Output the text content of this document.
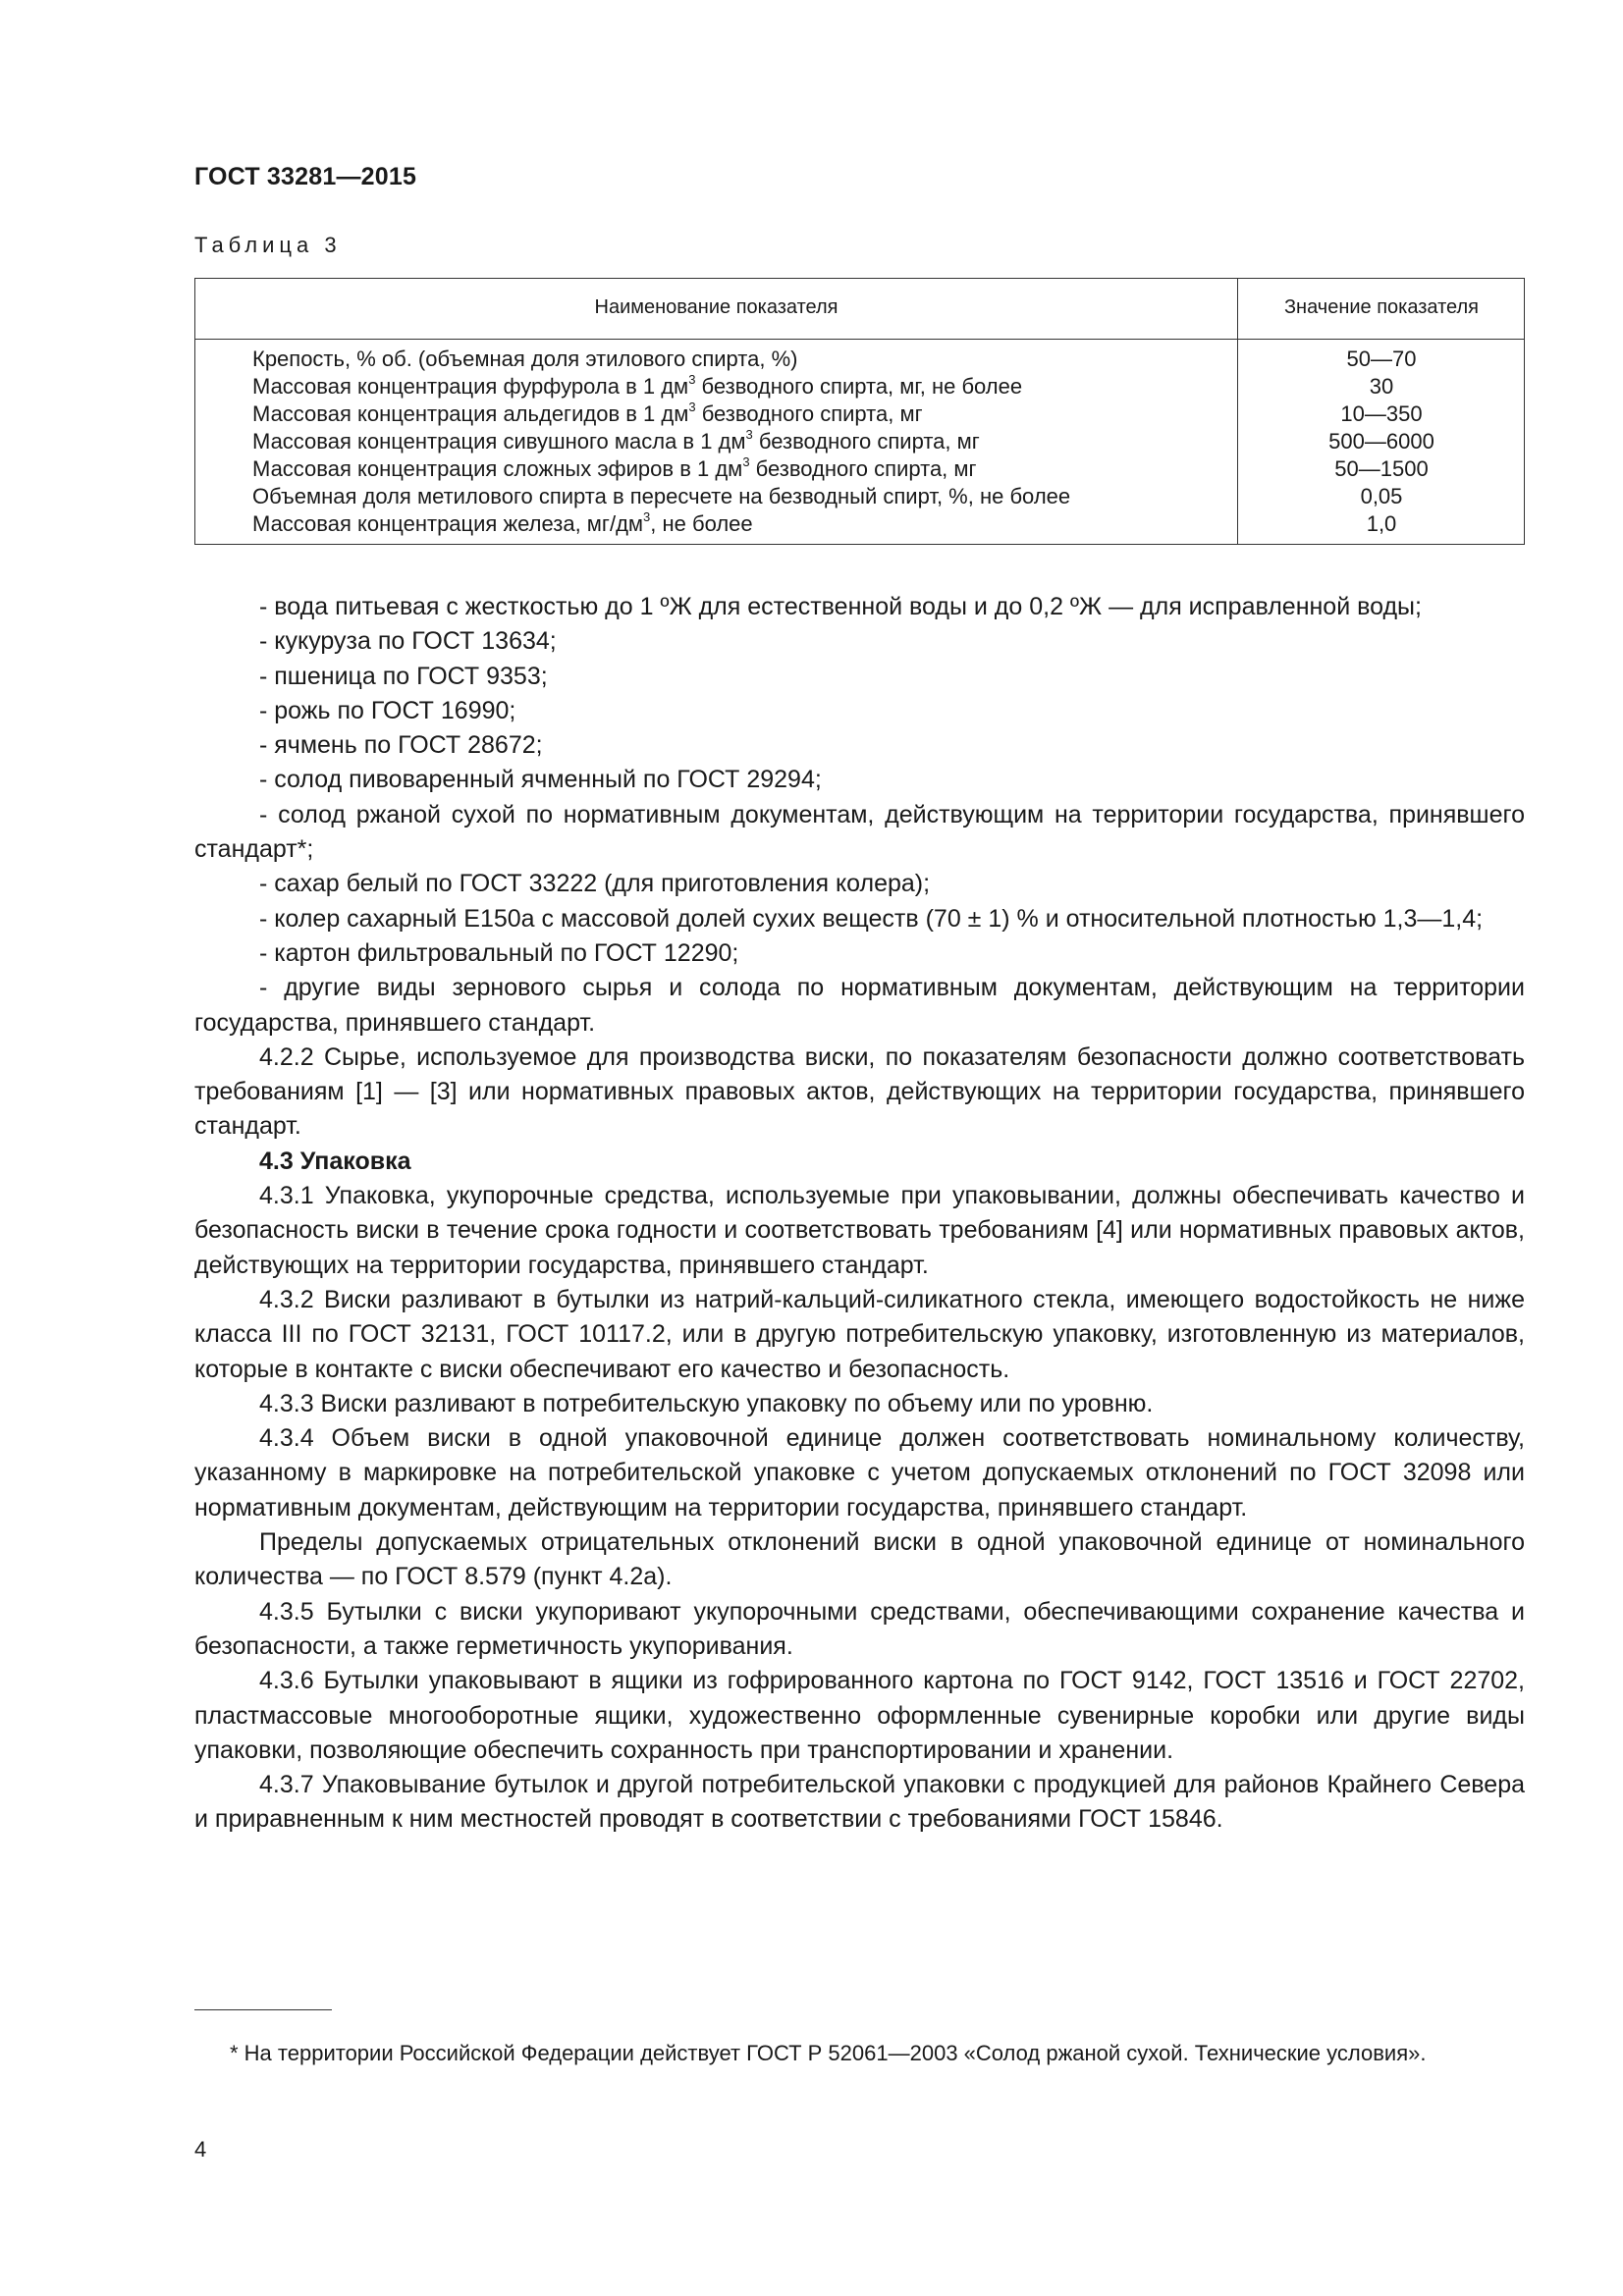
ГОСТ 33281—2015
Таблица 3
Наименование показателя	Значение показателя
Крепость, % об. (объемная доля этилового спирта, %)	50—70
Массовая концентрация фурфурола в 1 $дм^3$ безводного спирта, мг, не более	30
Массовая концентрация альдегидов в 1 $дм^3$ безводного спирта, мг	10—350
Массовая концентрация сивушного масла в 1 $дм^3$ безводного спирта, мг	500—6000
Массовая концентрация сложных эфиров в 1 $дм^3$ безводного спирта, мг	50—1500
Объемная доля метилового спирта в пересчете на безводный спирт, %, не более	0,05
Массовая концентрация железа, $мг/дм^3$, не более	1,0

- вода питьевая с жесткостью до 1 ºЖ для естественной воды и до 0,2 ºЖ — для исправленной воды;

- кукуруза по ГОСТ 13634;

- пшеница по ГОСТ 9353;

- рожь по ГОСТ 16990;

- ячмень по ГОСТ 28672;

- солод пивоваренный ячменный по ГОСТ 29294;

- солод ржаной сухой по нормативным документам, действующим на территории государства, принявшего стандарт*;

- сахар белый по ГОСТ 33222 (для приготовления колера);

- колер сахарный Е150а с массовой долей сухих веществ (70 ± 1) % и относительной плотностью 1,3—1,4;

- картон фильтровальный по ГОСТ 12290;

- другие виды зернового сырья и солода по нормативным документам, действующим на территории государства, принявшего стандарт.

4.2.2 Сырье, используемое для производства виски, по показателям безопасности должно соответствовать требованиям [1] — [3] или нормативных правовых актов, действующих на территории государства, принявшего стандарт.

4.3 Упаковка

4.3.1 Упаковка, укупорочные средства, используемые при упаковывании, должны обеспечивать качество и безопасность виски в течение срока годности и соответствовать требованиям [4] или нормативных правовых актов, действующих на территории государства, принявшего стандарт.

4.3.2 Виски разливают в бутылки из натрий-кальций-силикатного стекла, имеющего водостойкость не ниже класса III по ГОСТ 32131, ГОСТ 10117.2, или в другую потребительскую упаковку, изготовленную из материалов, которые в контакте с виски обеспечивают его качество и безопасность.

4.3.3 Виски разливают в потребительскую упаковку по объему или по уровню.

4.3.4 Объем виски в одной упаковочной единице должен соответствовать номинальному количеству, указанному в маркировке на потребительской упаковке с учетом допускаемых отклонений по ГОСТ 32098 или нормативным документам, действующим на территории государства, принявшего стандарт.

Пределы допускаемых отрицательных отклонений виски в одной упаковочной единице от номинального количества — по ГОСТ 8.579 (пункт 4.2а).

4.3.5 Бутылки с виски укупоривают укупорочными средствами, обеспечивающими сохранение качества и безопасности, а также герметичность укупоривания.

4.3.6 Бутылки упаковывают в ящики из гофрированного картона по ГОСТ 9142, ГОСТ 13516 и ГОСТ 22702, пластмассовые многооборотные ящики, художественно оформленные сувенирные коробки или другие виды упаковки, позволяющие обеспечить сохранность при транспортировании и хранении.

4.3.7 Упаковывание бутылок и другой потребительской упаковки с продукцией для районов Крайнего Севера и приравненным к ним местностей проводят в соответствии с требованиями ГОСТ 15846.

* На территории Российской Федерации действует ГОСТ Р 52061—2003 «Солод ржаной сухой. Технические условия».
4
